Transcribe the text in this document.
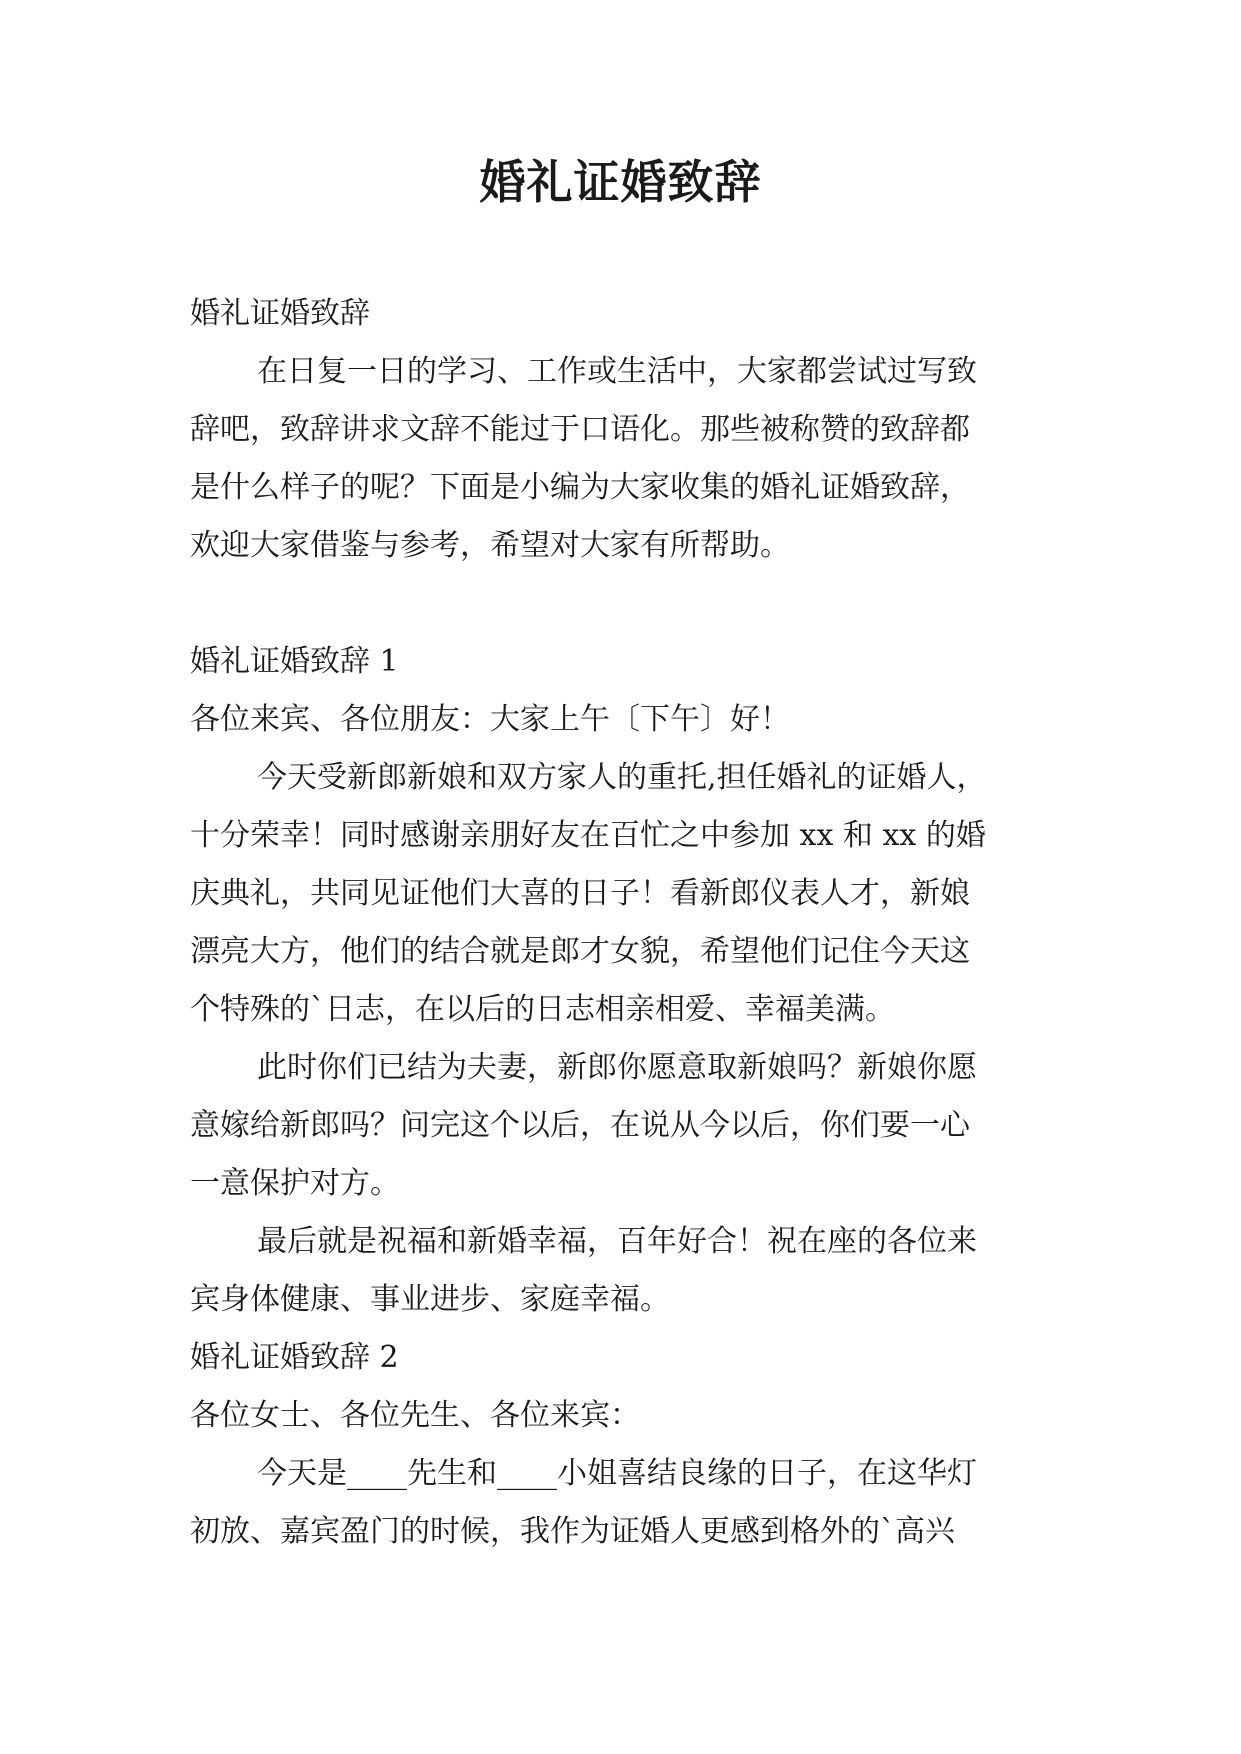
婚礼证婚致辞

婚礼证婚致辞

在日复一日的学习、工作或生活中，大家都尝试过写致

辞吧，致辞讲求文辞不能过于口语化。那些被称赞的致辞都

是什么样子的呢？下面是小编为大家收集的婚礼证婚致辞，

欢迎大家借鉴与参考，希望对大家有所帮助。

婚礼证婚致辞 1

各位来宾、各位朋友：大家上午〔下午〕好！

今天受新郎新娘和双方家人的重托,担任婚礼的证婚人，

十分荣幸！同时感谢亲朋好友在百忙之中参加 xx 和 xx 的婚

庆典礼，共同见证他们大喜的日子！看新郎仪表人才，新娘

漂亮大方，他们的结合就是郎才女貌，希望他们记住今天这

个特殊的`日志，在以后的日志相亲相爱、幸福美满。

此时你们已结为夫妻，新郎你愿意取新娘吗？新娘你愿

意嫁给新郎吗？问完这个以后，在说从今以后，你们要一心

一意保护对方。

最后就是祝福和新婚幸福，百年好合！祝在座的各位来

宾身体健康、事业进步、家庭幸福。

婚礼证婚致辞 2

各位女士、各位先生、各位来宾：

今天是____先生和____小姐喜结良缘的日子，在这华灯

初放、嘉宾盈门的时候，我作为证婚人更感到格外的`高兴
